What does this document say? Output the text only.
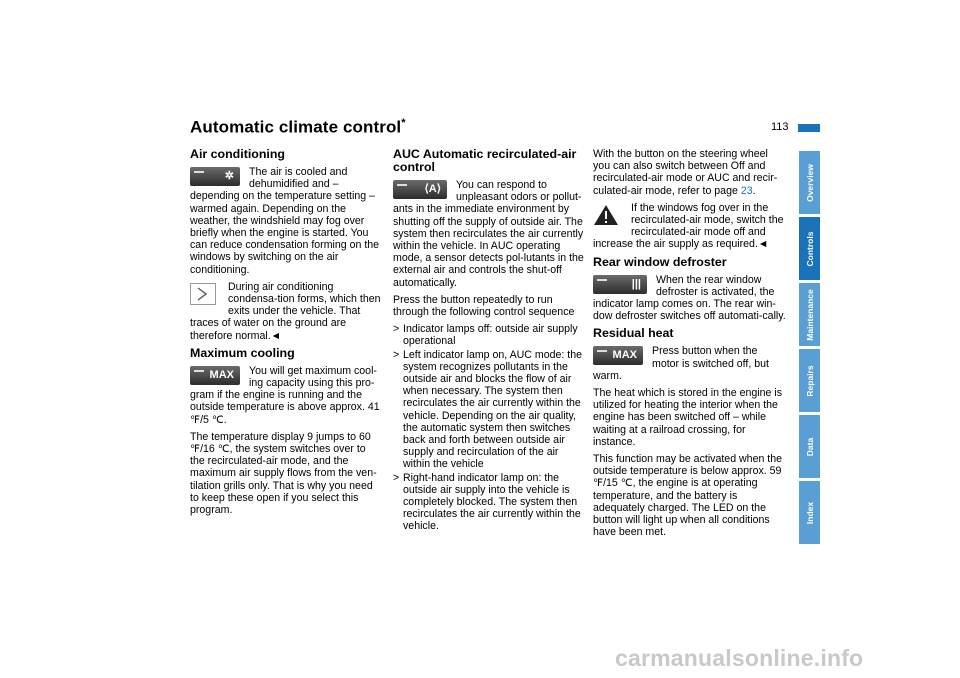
Automatic climate control*	113
Air conditioning

✲ The air is cooled and dehumidified and – depending on the temperature setting – warmed again. Depending on the weather, the windshield may fog over briefly when the engine is started. You can reduce condensation forming on the windows by switching on the air conditioning.

During air conditioning condensa-tion forms, which then exits under the vehicle. That traces of water on the ground are therefore normal.◄

Maximum cooling

MAX You will get maximum cool-ing capacity using this pro-gram if the engine is running and the outside temperature is above approx. 41 ℉/5 ℃.

The temperature display 9 jumps to 60 ℉/16 ℃, the system switches over to the recirculated-air mode, and the maximum air supply flows from the ven-tilation grills only. That is why you need to keep these open if you select this program.

AUC Automatic recirculated-air control

⟨A⟩ You can respond to unpleasant odors or pollut-ants in the immediate environment by shutting off the supply of outside air. The system then recirculates the air currently within the vehicle. In AUC operating mode, a sensor detects pol-lutants in the external air and controls the shut-off automatically.

Press the button repeatedly to run through the following control sequence

> Indicator lamps off: outside air supply operational
> Left indicator lamp on, AUC mode: the system recognizes pollutants in the outside air and blocks the flow of air when necessary. The system then recirculates the air currently within the vehicle. Depending on the air quality, the automatic system then switches back and forth between outside air supply and recirculation of the air within the vehicle
> Right-hand indicator lamp on: the outside air supply into the vehicle is completely blocked. The system then recirculates the air currently within the vehicle.

With the button on the steering wheel you can also switch between Off and recirculated-air mode or AUC and recir-culated-air mode, refer to page 23.

If the windows fog over in the recirculated-air mode, switch the recirculated-air mode off and increase the air supply as required.◄

Rear window defroster

||| When the rear window defroster is activated, the indicator lamp comes on. The rear win-dow defroster switches off automati-cally.

Residual heat

MAX Press button when the motor is switched off, but warm.

The heat which is stored in the engine is utilized for heating the interior when the engine has been switched off – while waiting at a railroad crossing, for instance.

This function may be activated when the outside temperature is below approx. 59 ℉/15 ℃, the engine is at operating temperature, and the battery is adequately charged. The LED on the button will light up when all conditions have been met.

Overview
Controls
Maintenance
Repairs
Data
Index
carmanualsonline.info
